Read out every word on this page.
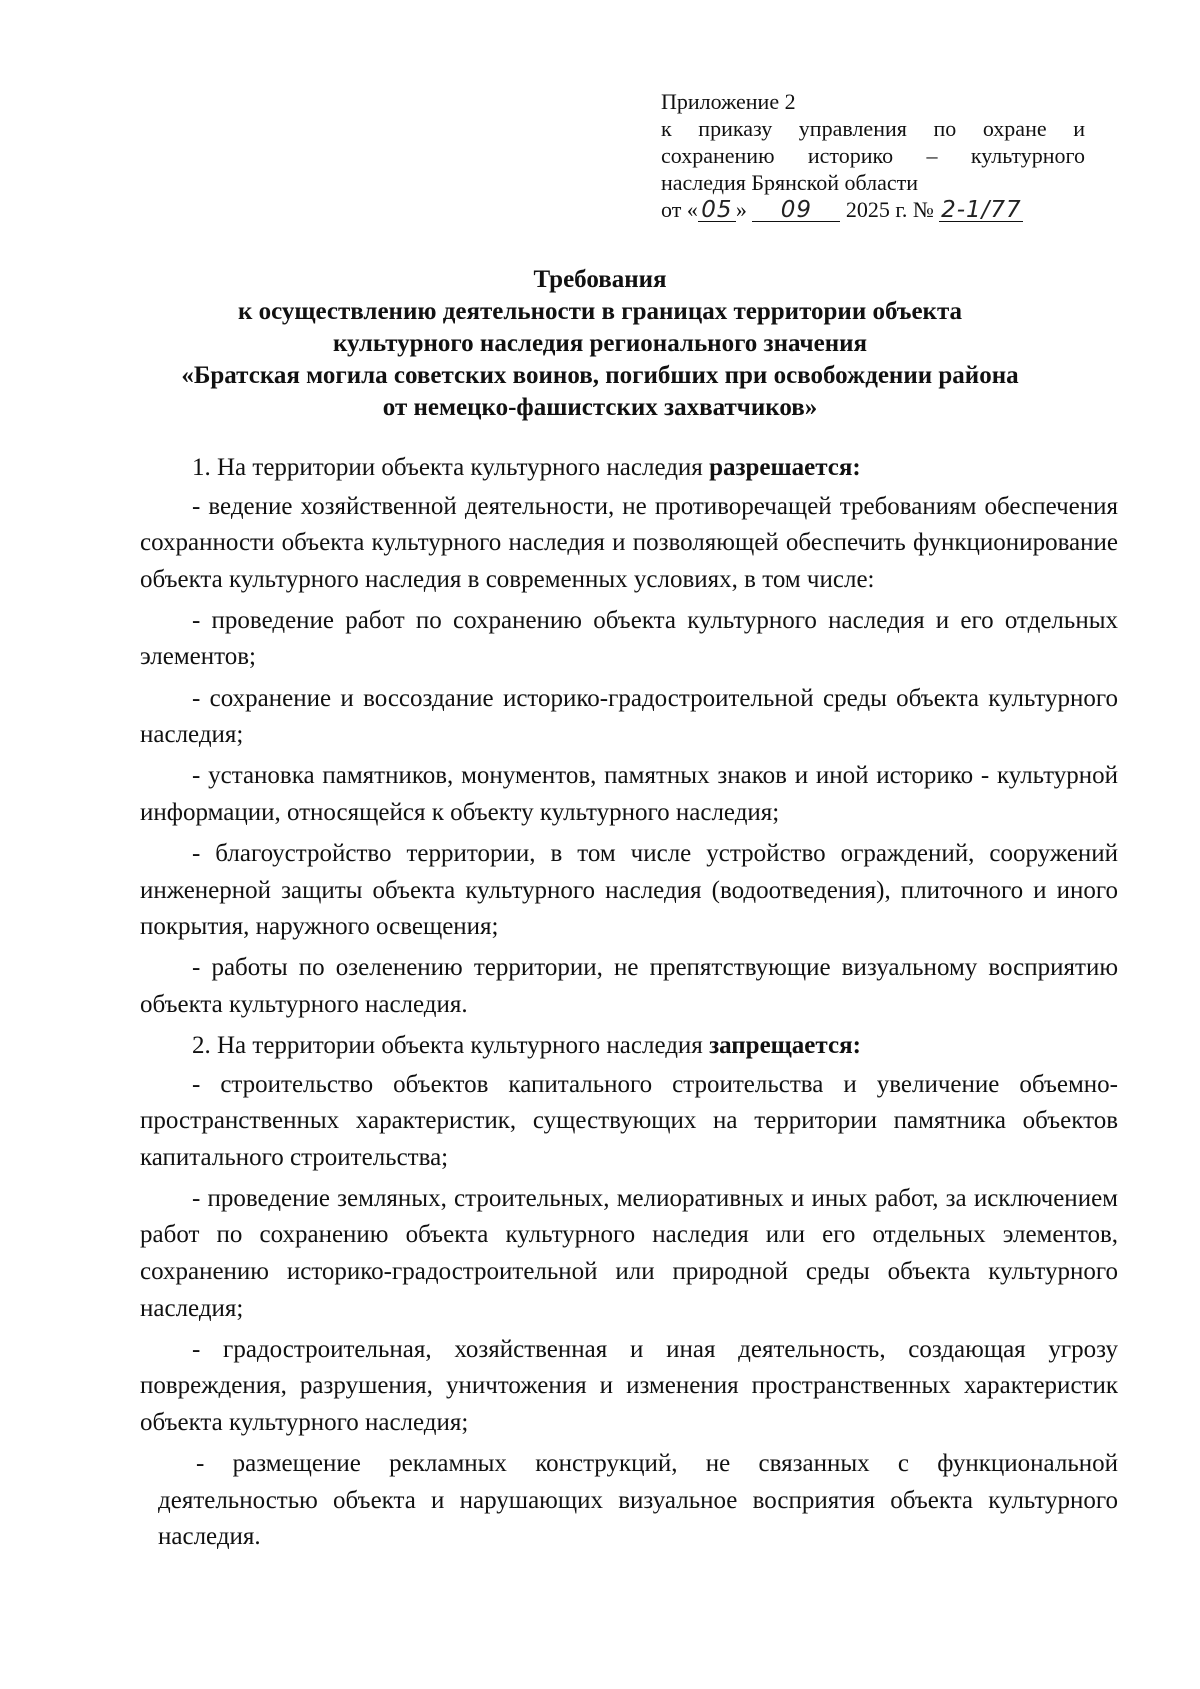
Приложение 2
к приказу управления по охране и
сохранению историко – культурного
наследия Брянской области
от « 05 » 09 2025 г. № 2-1/77
Требования
к осуществлению деятельности в границах территории объекта
культурного наследия регионального значения
«Братская могила советских воинов, погибших при освобождении района
от немецко-фашистских захватчиков»

1. На территории объекта культурного наследия разрешается:

- ведение хозяйственной деятельности, не противоречащей требованиям обеспечения сохранности объекта культурного наследия и позволяющей обеспечить функционирование объекта культурного наследия в современных условиях, в том числе:

- проведение работ по сохранению объекта культурного наследия и его отдельных элементов;

- сохранение и воссоздание историко-градостроительной среды объекта культурного наследия;

- установка памятников, монументов, памятных знаков и иной историко - культурной информации, относящейся к объекту культурного наследия;

- благоустройство территории, в том числе устройство ограждений, сооружений инженерной защиты объекта культурного наследия (водоотведения), плиточного и иного покрытия, наружного освещения;

- работы по озеленению территории, не препятствующие визуальному восприятию объекта культурного наследия.

2. На территории объекта культурного наследия запрещается:

- строительство объектов капитального строительства и увеличение объемно-пространственных характеристик, существующих на территории памятника объектов капитального строительства;

- проведение земляных, строительных, мелиоративных и иных работ, за исключением работ по сохранению объекта культурного наследия или его отдельных элементов, сохранению историко-градостроительной или природной среды объекта культурного наследия;

- градостроительная, хозяйственная и иная деятельность, создающая угрозу повреждения, разрушения, уничтожения и изменения пространственных характеристик объекта культурного наследия;

- размещение рекламных конструкций, не связанных с функциональной деятельностью объекта и нарушающих визуальное восприятия объекта культурного наследия.
